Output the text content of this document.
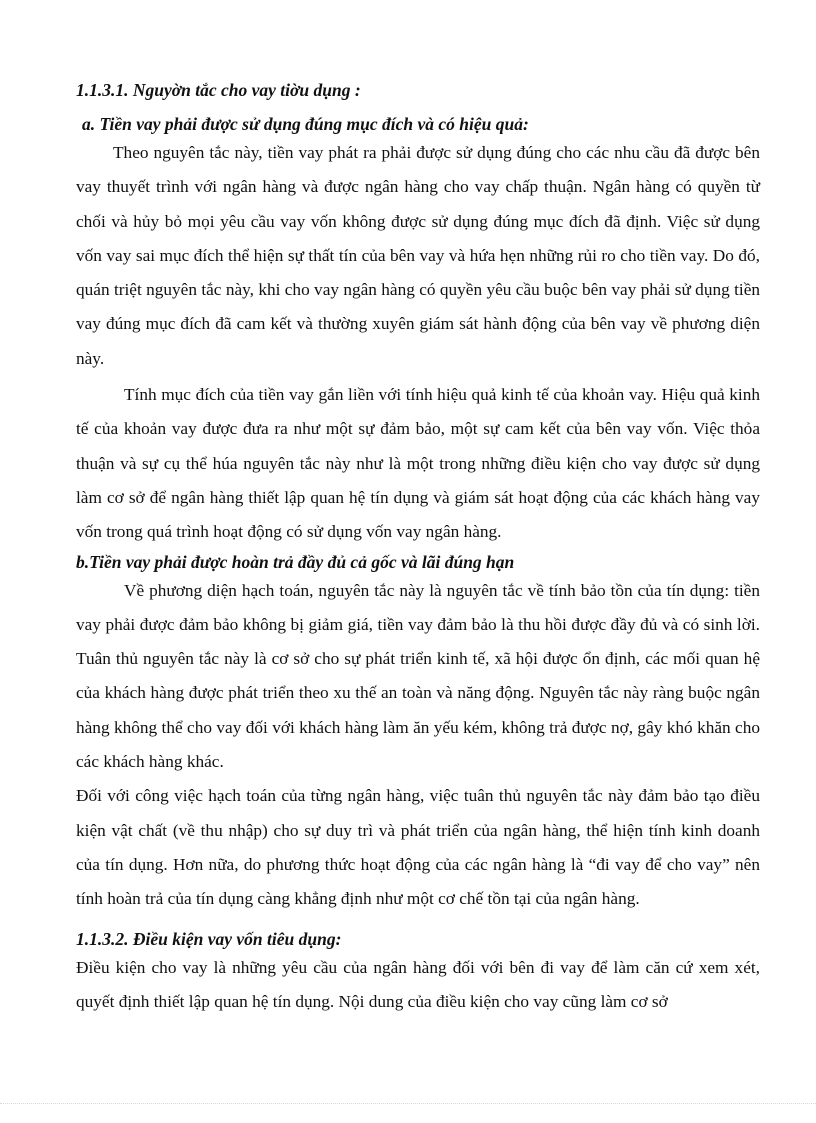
1.1.3.1. Nguyờn tắc cho vay tiờu dụng :
a. Tiền vay phải được sử dụng đúng mục đích và có hiệu quả:

Theo nguyên tắc này, tiền vay phát ra phải được sử dụng đúng cho các nhu cầu đã được bên vay thuyết trình với ngân hàng và được ngân hàng cho vay chấp thuận. Ngân hàng có quyền từ chối và hủy bỏ mọi yêu cầu vay vốn không được sử dụng đúng mục đích đã định. Việc sử dụng vốn vay sai mục đích thể hiện sự thất tín của bên vay và hứa hẹn những rủi ro cho tiền vay. Do đó, quán triệt nguyên tắc này, khi cho vay ngân hàng có quyền yêu cầu buộc bên vay phải sử dụng tiền vay đúng mục đích đã cam kết và thường xuyên giám sát hành động của bên vay về phương diện này.

Tính mục đích của tiền vay gắn liền với tính hiệu quả kinh tế của khoản vay. Hiệu quả kinh tế của khoản vay được đưa ra như một sự đảm bảo, một sự cam kết của bên vay vốn. Việc thỏa thuận và sự cụ thể húa nguyên tắc này như là một trong những điều kiện cho vay được sử dụng làm cơ sở để ngân hàng thiết lập quan hệ tín dụng và giám sát hoạt động của các khách hàng vay vốn trong quá trình hoạt động có sử dụng vốn vay ngân hàng.

b.Tiền vay phải được hoàn trả đầy đủ cả gốc và lãi đúng hạn

Về phương diện hạch toán, nguyên tắc này là nguyên tắc về tính bảo tồn của tín dụng: tiền vay phải được đảm bảo không bị giảm giá, tiền vay đảm bảo là thu hồi được đầy đủ và có sinh lời. Tuân thủ nguyên tắc này là cơ sở cho sự phát triển kinh tế, xã hội được ổn định, các mối quan hệ của khách hàng được phát triển theo xu thế an toàn và năng động. Nguyên tắc này ràng buộc ngân hàng không thể cho vay đối với khách hàng làm ăn yếu kém, không trả được nợ, gây khó khăn cho các khách hàng khác.

Đối với công việc hạch toán của từng ngân hàng, việc tuân thủ nguyên tắc này đảm bảo tạo điều kiện vật chất (về thu nhập) cho sự duy trì và phát triển của ngân hàng, thể hiện tính kinh doanh của tín dụng. Hơn nữa, do phương thức hoạt động của các ngân hàng là “đi vay để cho vay” nên tính hoàn trả của tín dụng càng khẳng định như một cơ chế tồn tại của ngân hàng.

1.1.3.2. Điều kiện vay vốn tiêu dụng:

Điều kiện cho vay là những yêu cầu của ngân hàng đối với bên đi vay để làm căn cứ xem xét, quyết định thiết lập quan hệ tín dụng. Nội dung của điều kiện cho vay cũng làm cơ sở
